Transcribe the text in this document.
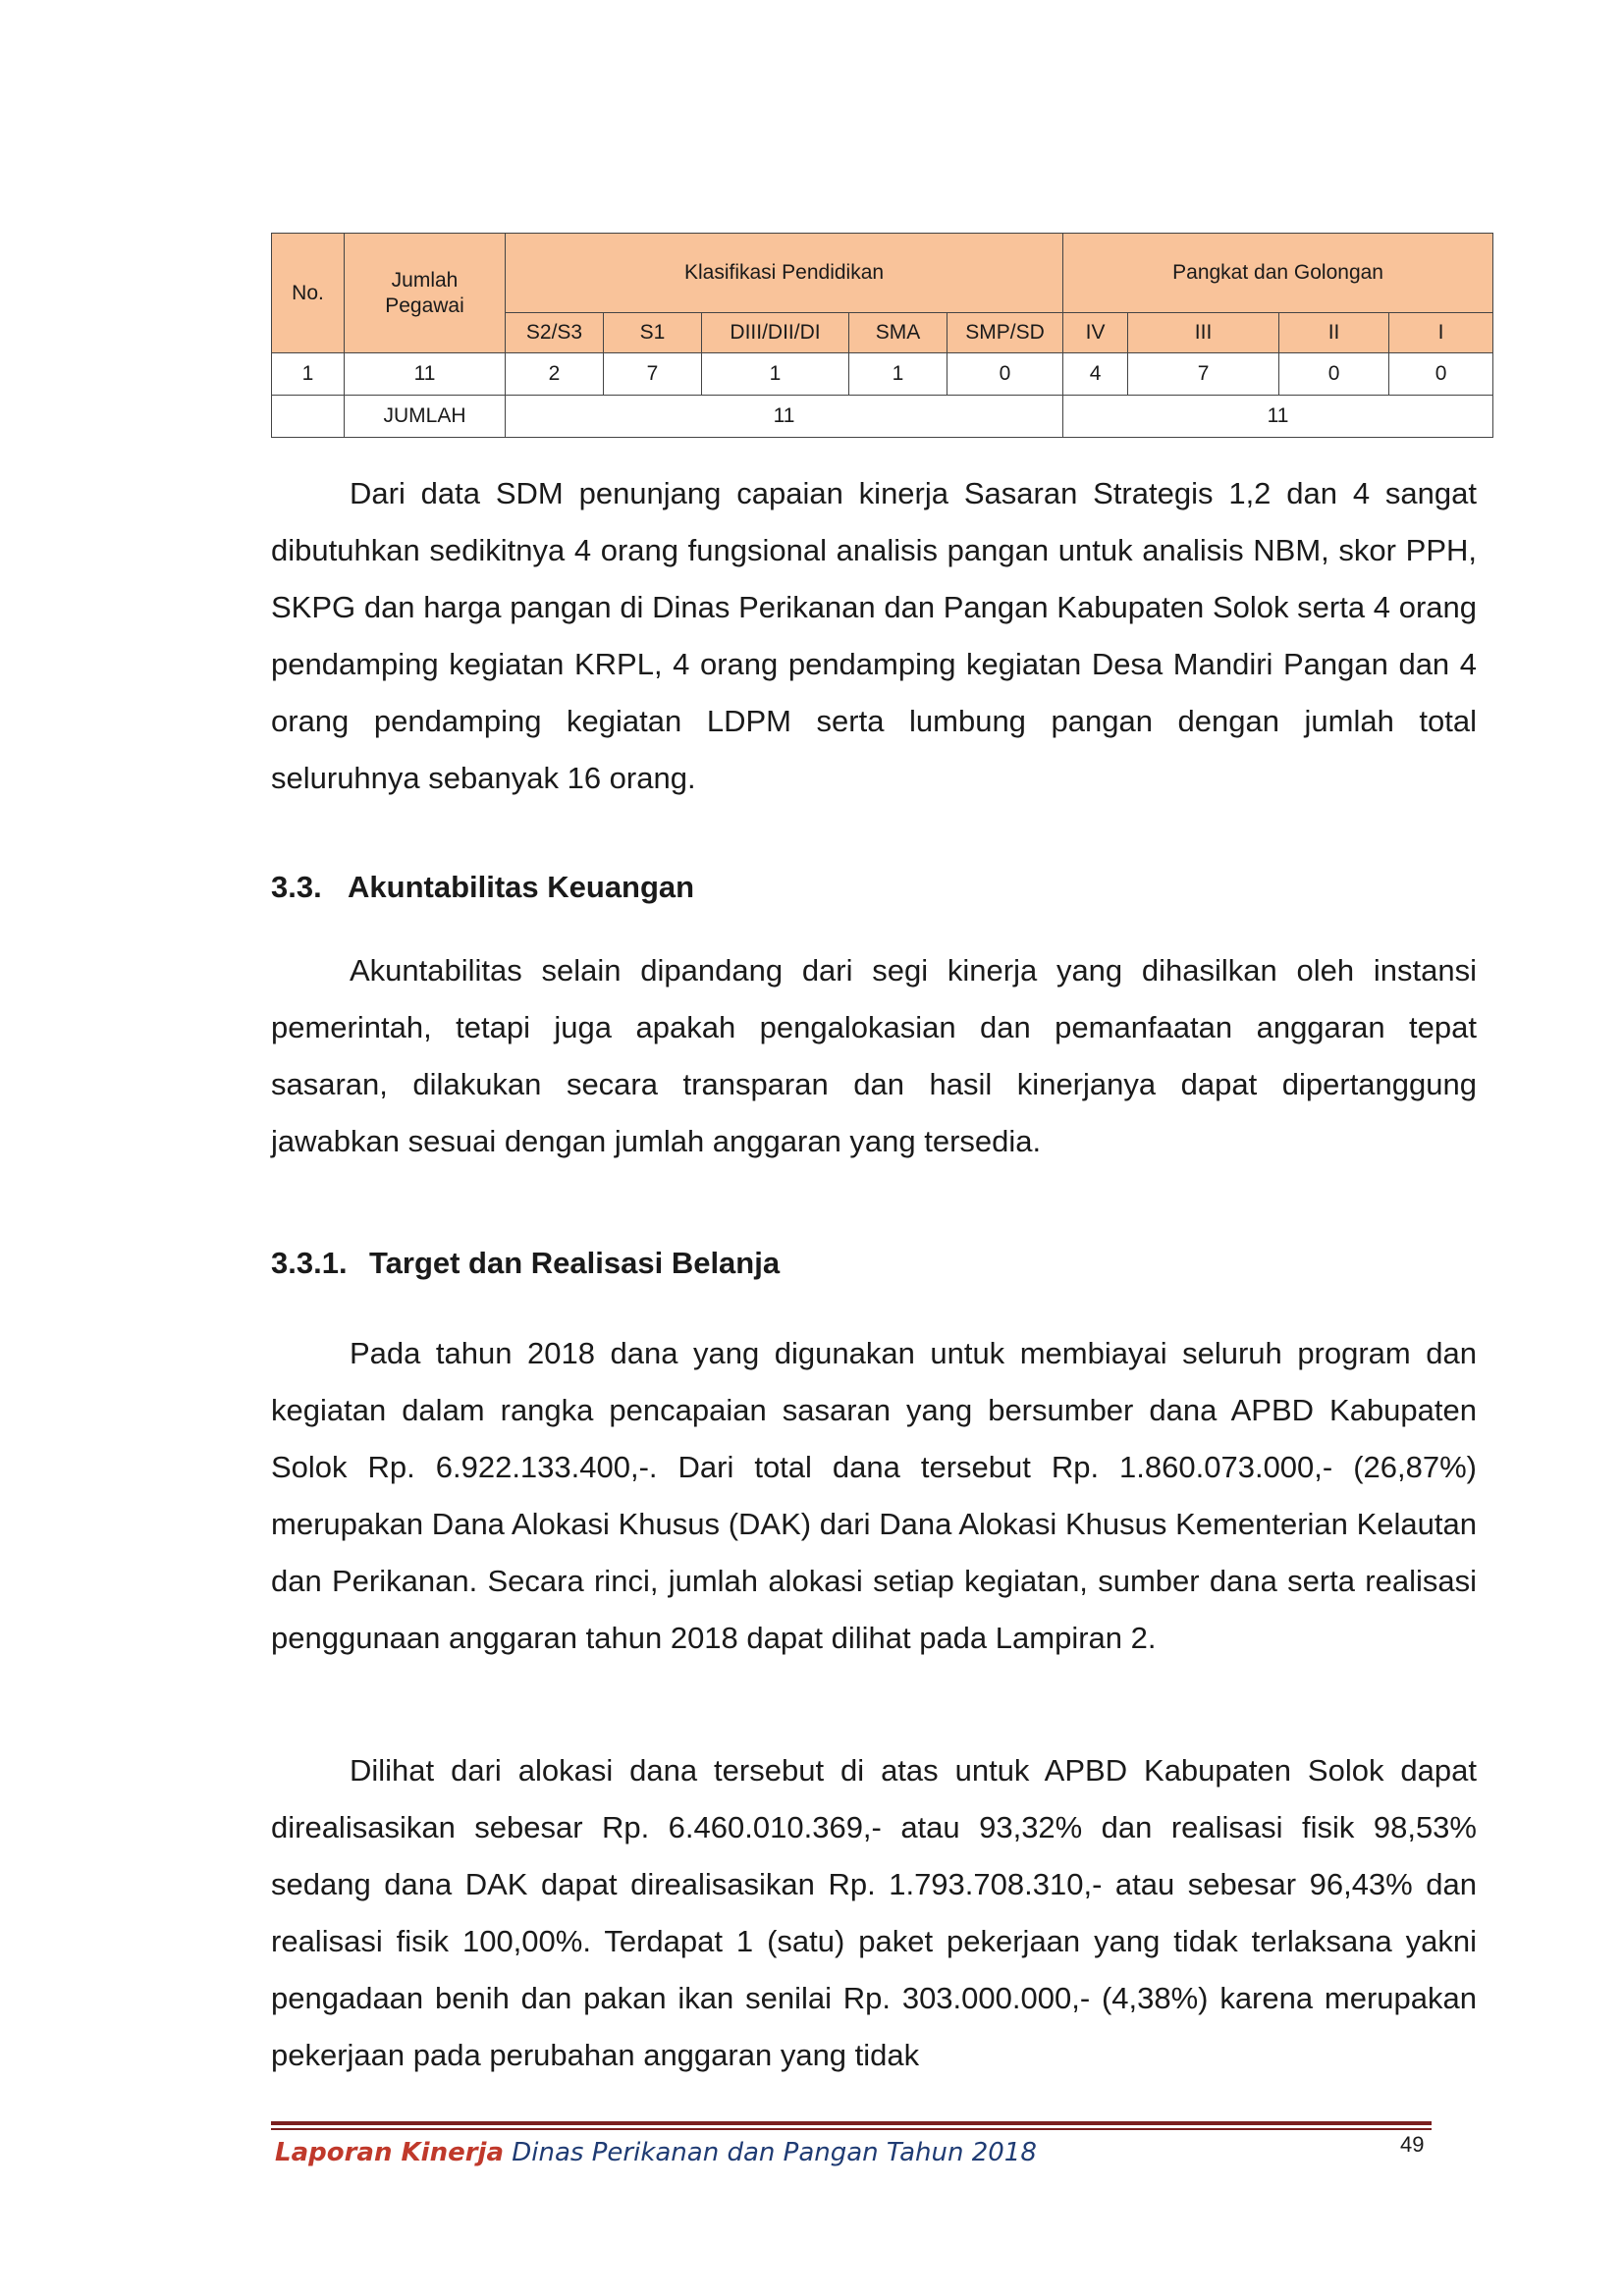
No.	Jumlah Pegawai	Klasifikasi Pendidikan					Pangkat dan Golongan			
		S2/S3	S1	DIII/DII/DI	SMA	SMP/SD	IV	III	II	I
1	11	2	7	1	1	0	4	7	0	0
	JUMLAH	11					11			

Dari data SDM penunjang capaian kinerja Sasaran Strategis 1,2 dan 4 sangat dibutuhkan sedikitnya 4 orang fungsional analisis pangan untuk analisis NBM, skor PPH, SKPG dan harga pangan di Dinas Perikanan dan Pangan Kabupaten Solok serta 4 orang pendamping kegiatan KRPL, 4 orang pendamping kegiatan Desa Mandiri Pangan dan 4 orang pendamping kegiatan LDPM serta lumbung pangan dengan jumlah total seluruhnya sebanyak 16 orang.

3.3. Akuntabilitas Keuangan

Akuntabilitas selain dipandang dari segi kinerja yang dihasilkan oleh instansi pemerintah, tetapi juga apakah pengalokasian dan pemanfaatan anggaran tepat sasaran, dilakukan secara transparan dan hasil kinerjanya dapat dipertanggung jawabkan sesuai dengan jumlah anggaran yang tersedia.

3.3.1. Target dan Realisasi Belanja

Pada tahun 2018 dana yang digunakan untuk membiayai seluruh program dan kegiatan dalam rangka pencapaian sasaran yang bersumber dana APBD Kabupaten Solok Rp. 6.922.133.400,-. Dari total dana tersebut Rp. 1.860.073.000,- (26,87%) merupakan Dana Alokasi Khusus (DAK) dari Dana Alokasi Khusus Kementerian Kelautan dan Perikanan. Secara rinci, jumlah alokasi setiap kegiatan, sumber dana serta realisasi penggunaan anggaran tahun 2018 dapat dilihat pada Lampiran 2.

Dilihat dari alokasi dana tersebut di atas untuk APBD Kabupaten Solok dapat direalisasikan sebesar Rp. 6.460.010.369,- atau 93,32% dan realisasi fisik 98,53% sedang dana DAK dapat direalisasikan Rp. 1.793.708.310,- atau sebesar 96,43% dan realisasi fisik 100,00%. Terdapat 1 (satu) paket pekerjaan yang tidak terlaksana yakni pengadaan benih dan pakan ikan senilai Rp. 303.000.000,- (4,38%) karena merupakan pekerjaan pada perubahan anggaran yang tidak

Laporan Kinerja Dinas Perikanan dan Pangan Tahun 2018	49
